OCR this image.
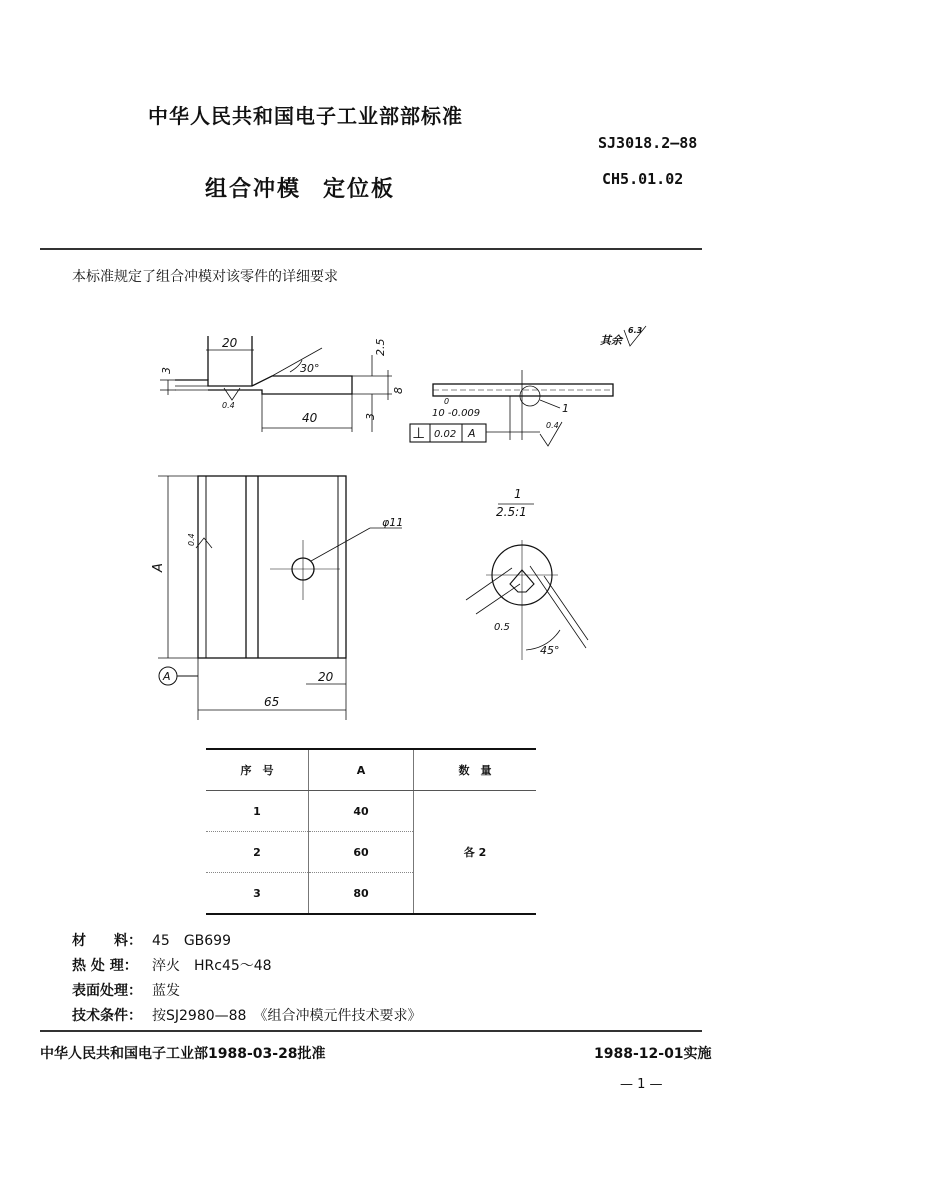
中华人民共和国电子工业部部标准
SJ3018.2—88
组合冲模 定位板	CH5.01.02
本标准规定了组合冲模对该零件的详细要求
20
30°
2.5
3
8
3
40
0.4	0
10 -0.009
⊥ 0.02 A
0.4
1
其余
6.3
φ11
A
0.4
A	20
65
1
2.5:1
0.5
45°
序　号	A	数　量
1	40	各 2
2	60	
3	80	
材　　料： 45　GB699
热 处 理： 淬火　HRc45～48
表面处理： 蓝发
技术条件： 按SJ2980—88　《组合冲模元件技术要求》
中华人民共和国电子工业部1988-03-28批准	1988-12-01实施
— 1 —
